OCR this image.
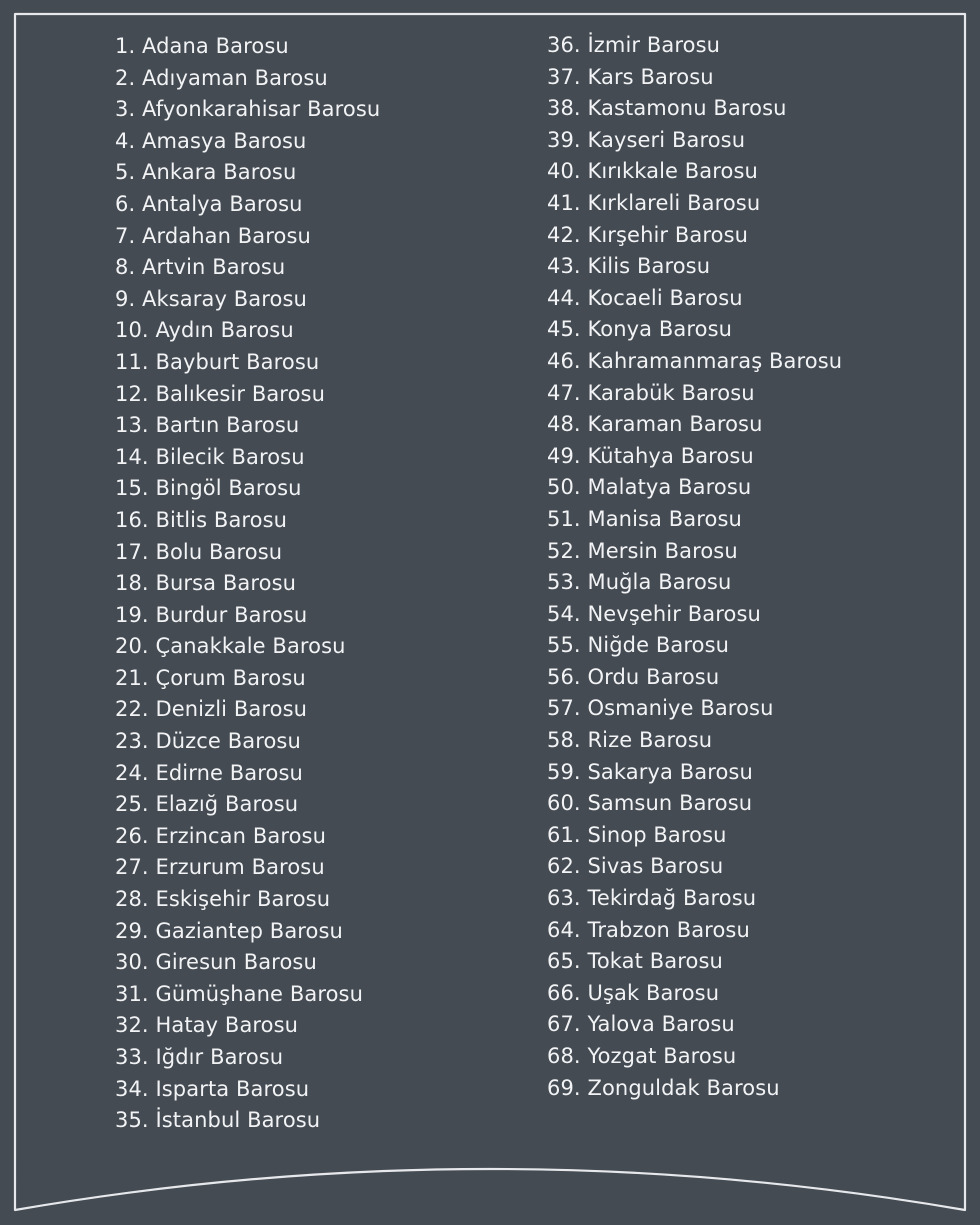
1. Adana Barosu
2. Adıyaman Barosu
3. Afyonkarahisar Barosu
4. Amasya Barosu
5. Ankara Barosu
6. Antalya Barosu
7. Ardahan Barosu
8. Artvin Barosu
9. Aksaray Barosu
10. Aydın Barosu
11. Bayburt Barosu
12. Balıkesir Barosu
13. Bartın Barosu
14. Bilecik Barosu
15. Bingöl Barosu
16. Bitlis Barosu
17. Bolu Barosu
18. Bursa Barosu
19. Burdur Barosu
20. Çanakkale Barosu
21. Çorum Barosu
22. Denizli Barosu
23. Düzce Barosu
24. Edirne Barosu
25. Elazığ Barosu
26. Erzincan Barosu
27. Erzurum Barosu
28. Eskişehir Barosu
29. Gaziantep Barosu
30. Giresun Barosu
31. Gümüşhane Barosu
32. Hatay Barosu
33. Iğdır Barosu
34. Isparta Barosu
35. İstanbul Barosu
36. İzmir Barosu
37. Kars Barosu
38. Kastamonu Barosu
39. Kayseri Barosu
40. Kırıkkale Barosu
41. Kırklareli Barosu
42. Kırşehir Barosu
43. Kilis Barosu
44. Kocaeli Barosu
45. Konya Barosu
46. Kahramanmaraş Barosu
47. Karabük Barosu
48. Karaman Barosu
49. Kütahya Barosu
50. Malatya Barosu
51. Manisa Barosu
52. Mersin Barosu
53. Muğla Barosu
54. Nevşehir Barosu
55. Niğde Barosu
56. Ordu Barosu
57. Osmaniye Barosu
58. Rize Barosu
59. Sakarya Barosu
60. Samsun Barosu
61. Sinop Barosu
62. Sivas Barosu
63. Tekirdağ Barosu
64. Trabzon Barosu
65. Tokat Barosu
66. Uşak Barosu
67. Yalova Barosu
68. Yozgat Barosu
69. Zonguldak Barosu
